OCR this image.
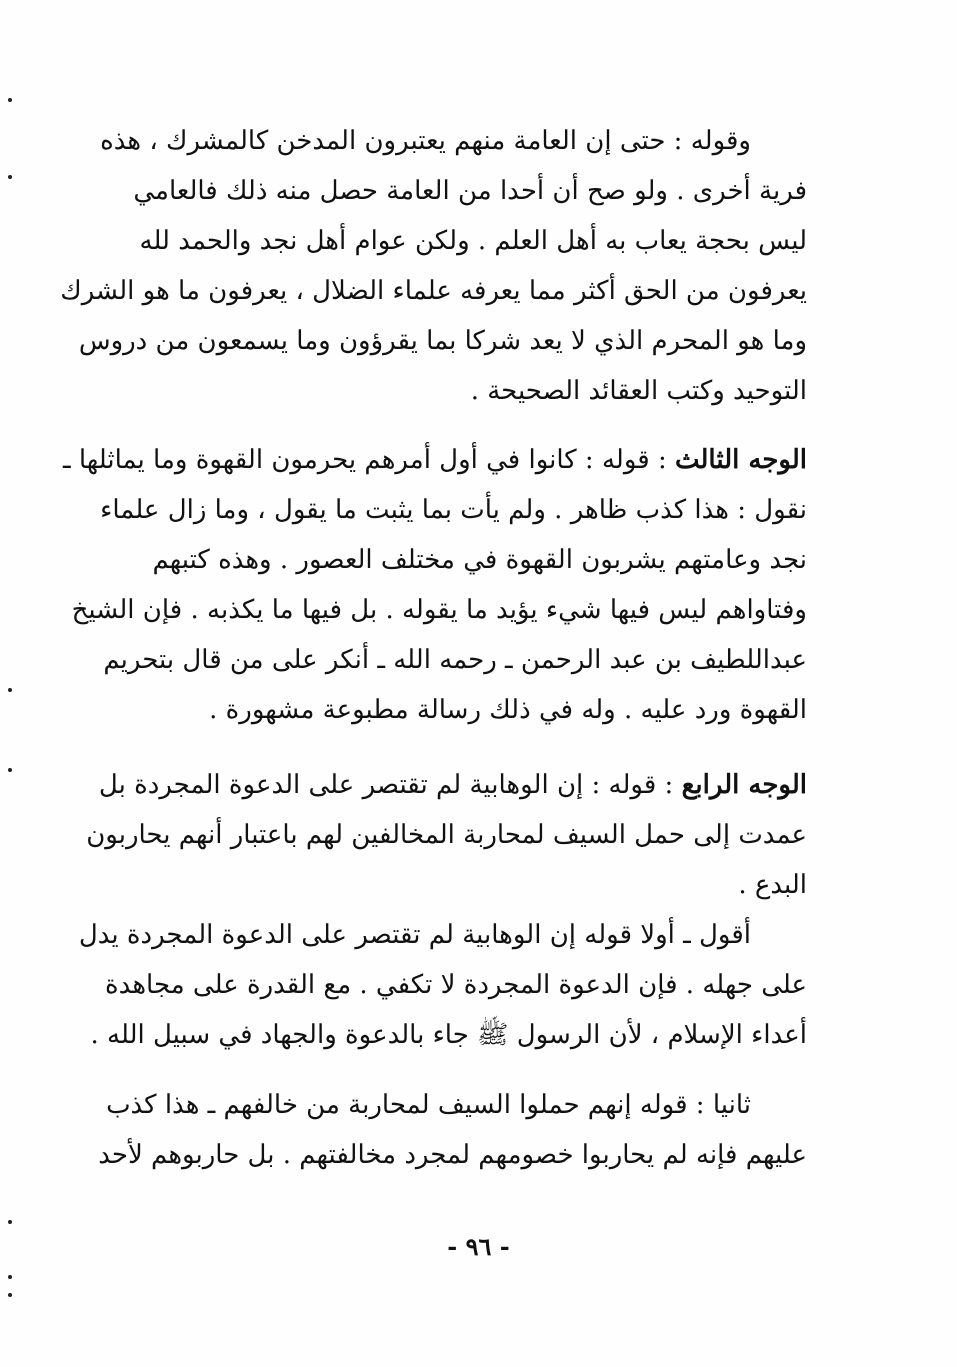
وقوله : حتى إن العامة منهم يعتبرون المدخن كالمشرك ، هذه
فرية أخرى . ولو صح أن أحدا من العامة حصل منه ذلك فالعامي
ليس بحجة يعاب به أهل العلم . ولكن عوام أهل نجد والحمد لله
يعرفون من الحق أكثر مما يعرفه علماء الضلال ، يعرفون ما هو الشرك
وما هو المحرم الذي لا يعد شركا بما يقرؤون وما يسمعون من دروس
التوحيد وكتب العقائد الصحيحة .
الوجه الثالث : قوله : كانوا في أول أمرهم يحرمون القهوة وما يماثلها ـ
نقول : هذا كذب ظاهر . ولم يأت بما يثبت ما يقول ، وما زال علماء
نجد وعامتهم يشربون القهوة في مختلف العصور . وهذه كتبهم
وفتاواهم ليس فيها شيء يؤيد ما يقوله . بل فيها ما يكذبه . فإن الشيخ
عبداللطيف بن عبد الرحمن ـ رحمه الله ـ أنكر على من قال بتحريم
القهوة ورد عليه . وله في ذلك رسالة مطبوعة مشهورة .
الوجه الرابع : قوله : إن الوهابية لم تقتصر على الدعوة المجردة بل
عمدت إلى حمل السيف لمحاربة المخالفين لهم باعتبار أنهم يحاربون
البدع .
أقول ـ أولا قوله إن الوهابية لم تقتصر على الدعوة المجردة يدل
على جهله . فإن الدعوة المجردة لا تكفي . مع القدرة على مجاهدة
أعداء الإسلام ، لأن الرسول ﷺ جاء بالدعوة والجهاد في سبيل الله .
ثانيا : قوله إنهم حملوا السيف لمحاربة من خالفهم ـ هذا كذب
عليهم فإنه لم يحاربوا خصومهم لمجرد مخالفتهم . بل حاربوهم لأحد
- ٩٦ -
